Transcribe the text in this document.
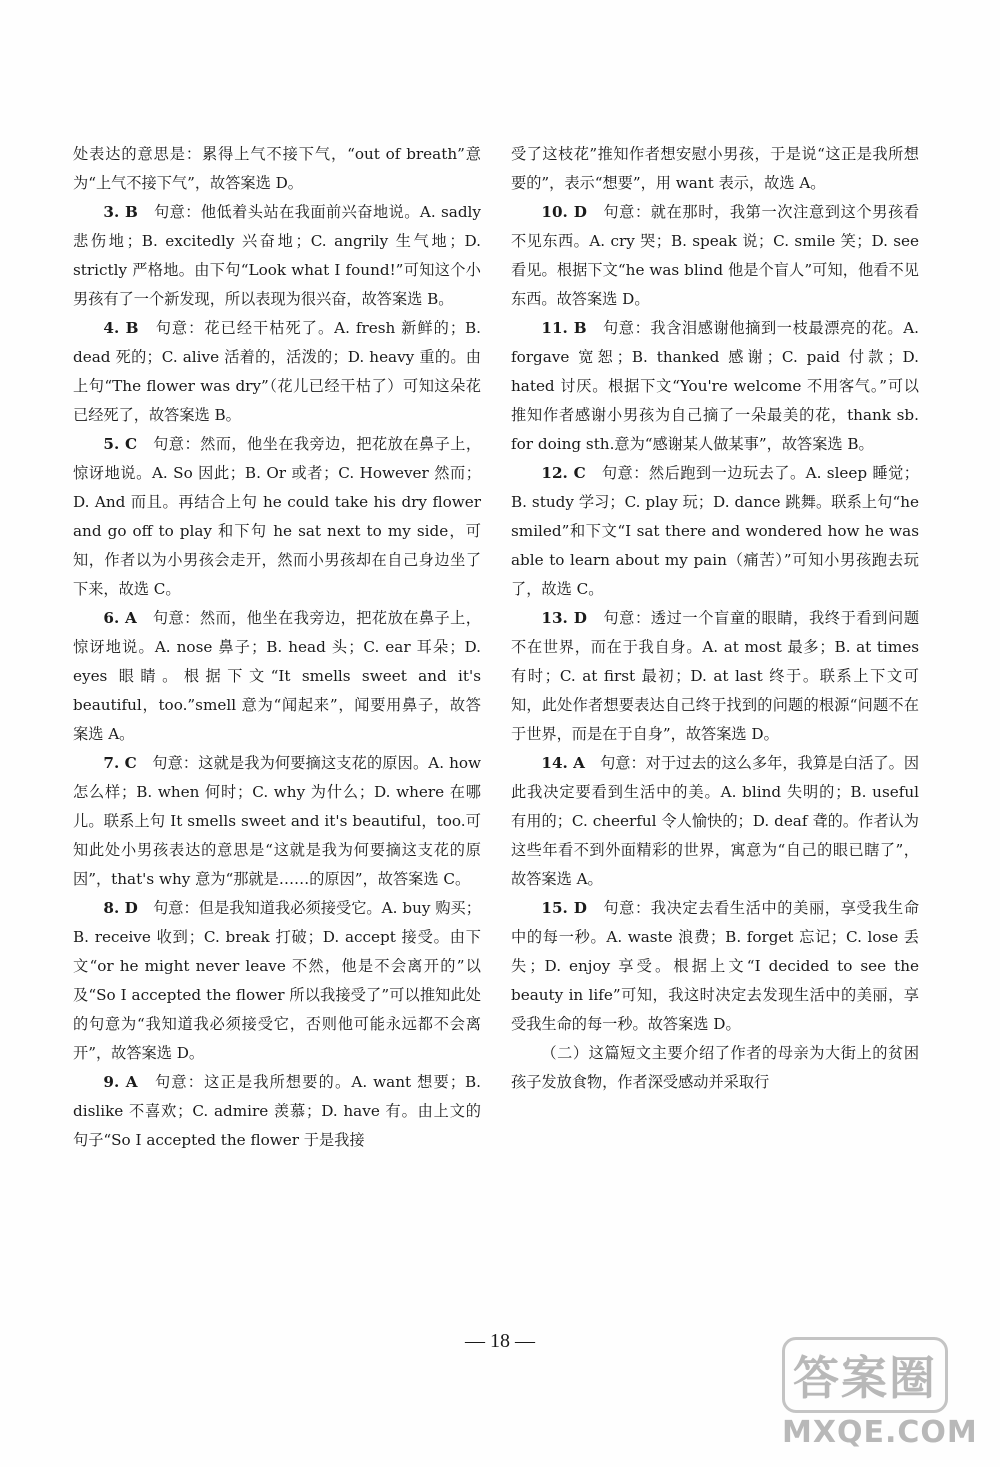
处表达的意思是：累得上气不接下气，“out of breath”意为“上气不接下气”，故答案选 D。

3. B　 句意：他低着头站在我面前兴奋地说。A. sadly 悲伤地；B. excitedly 兴奋地；C. angrily 生气地；D. strictly 严格地。由下句“Look what I found!”可知这个小男孩有了一个新发现，所以表现为很兴奋，故答案选 B。

4. B　 句意：花已经干枯死了。A. fresh 新鲜的；B. dead 死的；C. alive 活着的，活泼的；D. heavy 重的。由上句“The flower was dry”（花儿已经干枯了）可知这朵花已经死了，故答案选 B。

5. C　 句意：然而，他坐在我旁边，把花放在鼻子上，惊讶地说。A. So 因此；B. Or 或者；C. However 然而；D. And 而且。再结合上句 he could take his dry flower and go off to play 和下句 he sat next to my side，可知，作者以为小男孩会走开，然而小男孩却在自己身边坐了下来，故选 C。

6. A　 句意：然而，他坐在我旁边，把花放在鼻子上，惊讶地说。A. nose 鼻子；B. head 头；C. ear 耳朵；D. eyes 眼睛。根据下文“It smells sweet and it's beautiful，too.”smell 意为“闻起来”，闻要用鼻子，故答案选 A。

7. C　 句意：这就是我为何要摘这支花的原因。A. how 怎么样；B. when 何时；C. why 为什么；D. where 在哪儿。联系上句 It smells sweet and it's beautiful，too.可知此处小男孩表达的意思是“这就是我为何要摘这支花的原因”，that's why 意为“那就是……的原因”，故答案选 C。

8. D　 句意：但是我知道我必须接受它。A. buy 购买；B. receive 收到；C. break 打破；D. accept 接受。由下文“or he might never leave 不然，他是不会离开的”以及“So I accepted the flower 所以我接受了”可以推知此处的句意为“我知道我必须接受它，否则他可能永远都不会离开”，故答案选 D。

9. A　 句意：这正是我所想要的。A. want 想要；B. dislike 不喜欢；C. admire 羡慕；D. have 有。由上文的句子“So I accepted the flower 于是我接

受了这枝花”推知作者想安慰小男孩，于是说“这正是我所想要的”，表示“想要”，用 want 表示，故选 A。

10. D　 句意：就在那时，我第一次注意到这个男孩看不见东西。A. cry 哭；B. speak 说；C. smile 笑；D. see 看见。根据下文“he was blind 他是个盲人”可知，他看不见东西。故答案选 D。

11. B　 句意：我含泪感谢他摘到一枝最漂亮的花。A. forgave 宽恕；B. thanked 感谢；C. paid 付款；D. hated 讨厌。根据下文“You're welcome 不用客气。”可以推知作者感谢小男孩为自己摘了一朵最美的花，thank sb. for doing sth.意为“感谢某人做某事”，故答案选 B。

12. C　 句意：然后跑到一边玩去了。A. sleep 睡觉；B. study 学习；C. play 玩；D. dance 跳舞。联系上句“he smiled”和下文“I sat there and wondered how he was able to learn about my pain（痛苦）”可知小男孩跑去玩了，故选 C。

13. D　 句意：透过一个盲童的眼睛，我终于看到问题不在世界，而在于我自身。A. at most 最多；B. at times 有时；C. at first 最初；D. at last 终于。联系上下文可知，此处作者想要表达自己终于找到的问题的根源“问题不在于世界，而是在于自身”，故答案选 D。

14. A　 句意：对于过去的这么多年，我算是白活了。因此我决定要看到生活中的美。A. blind 失明的；B. useful 有用的；C. cheerful 令人愉快的；D. deaf 聋的。作者认为这些年看不到外面精彩的世界，寓意为“自己的眼已瞎了”，故答案选 A。

15. D　 句意：我决定去看生活中的美丽，享受我生命中的每一秒。A. waste 浪费；B. forget 忘记；C. lose 丢失；D. enjoy 享受。根据上文“I decided to see the beauty in life”可知，我这时决定去发现生活中的美丽，享受我生命的每一秒。故答案选 D。

（二）这篇短文主要介绍了作者的母亲为大街上的贫困孩子发放食物，作者深受感动并采取行

— 18 —
答案圈
MXQE.COM
